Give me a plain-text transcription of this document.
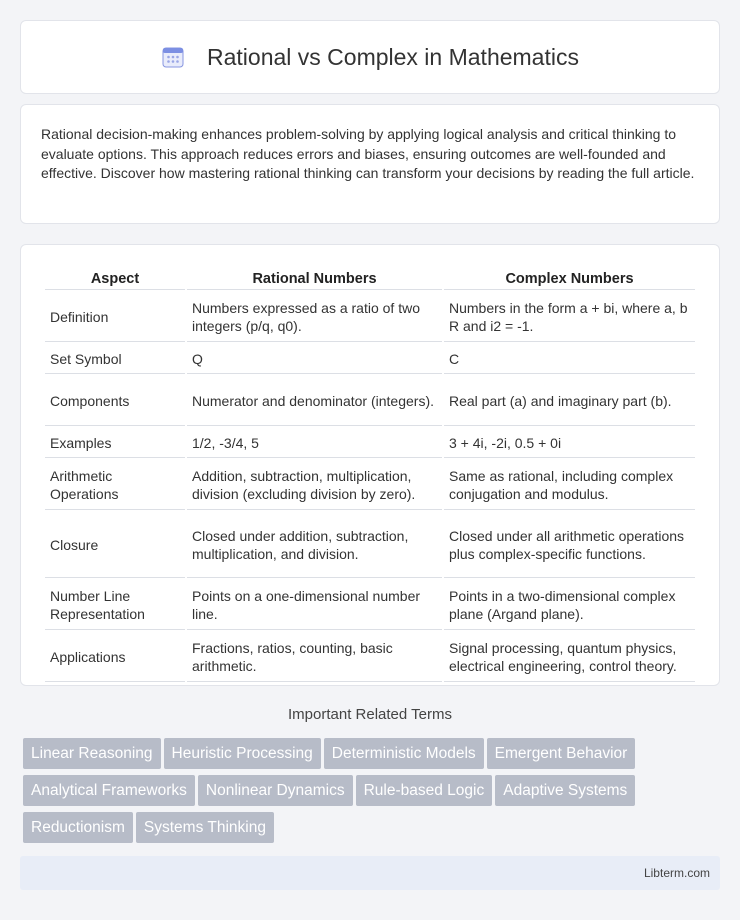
Rational vs Complex in Mathematics

Rational decision-making enhances problem-solving by applying logical analysis and critical thinking to evaluate options. This approach reduces errors and biases, ensuring outcomes are well-founded and effective. Discover how mastering rational thinking can transform your decisions by reading the full article.

Aspect	Rational Numbers	Complex Numbers
Definition	Numbers expressed as a ratio of two integers (p/q, q0).	Numbers in the form a + bi, where a, b R and i2 = -1.
Set Symbol	Q	C
Components	Numerator and denominator (integers).	Real part (a) and imaginary part (b).
Examples	1/2, -3/4, 5	3 + 4i, -2i, 0.5 + 0i
Arithmetic Operations	Addition, subtraction, multiplication, division (excluding division by zero).	Same as rational, including complex conjugation and modulus.
Closure	Closed under addition, subtraction, multiplication, and division.	Closed under all arithmetic operations plus complex-specific functions.
Number Line Representation	Points on a one-dimensional number line.	Points in a two-dimensional complex plane (Argand plane).
Applications	Fractions, ratios, counting, basic arithmetic.	Signal processing, quantum physics, electrical engineering, control theory.
Important Related Terms
Linear Reasoning Heuristic Processing Deterministic Models Emergent BehaviorAnalytical Frameworks Nonlinear Dynamics Rule-based Logic Adaptive SystemsReductionism Systems Thinking
Libterm.com
